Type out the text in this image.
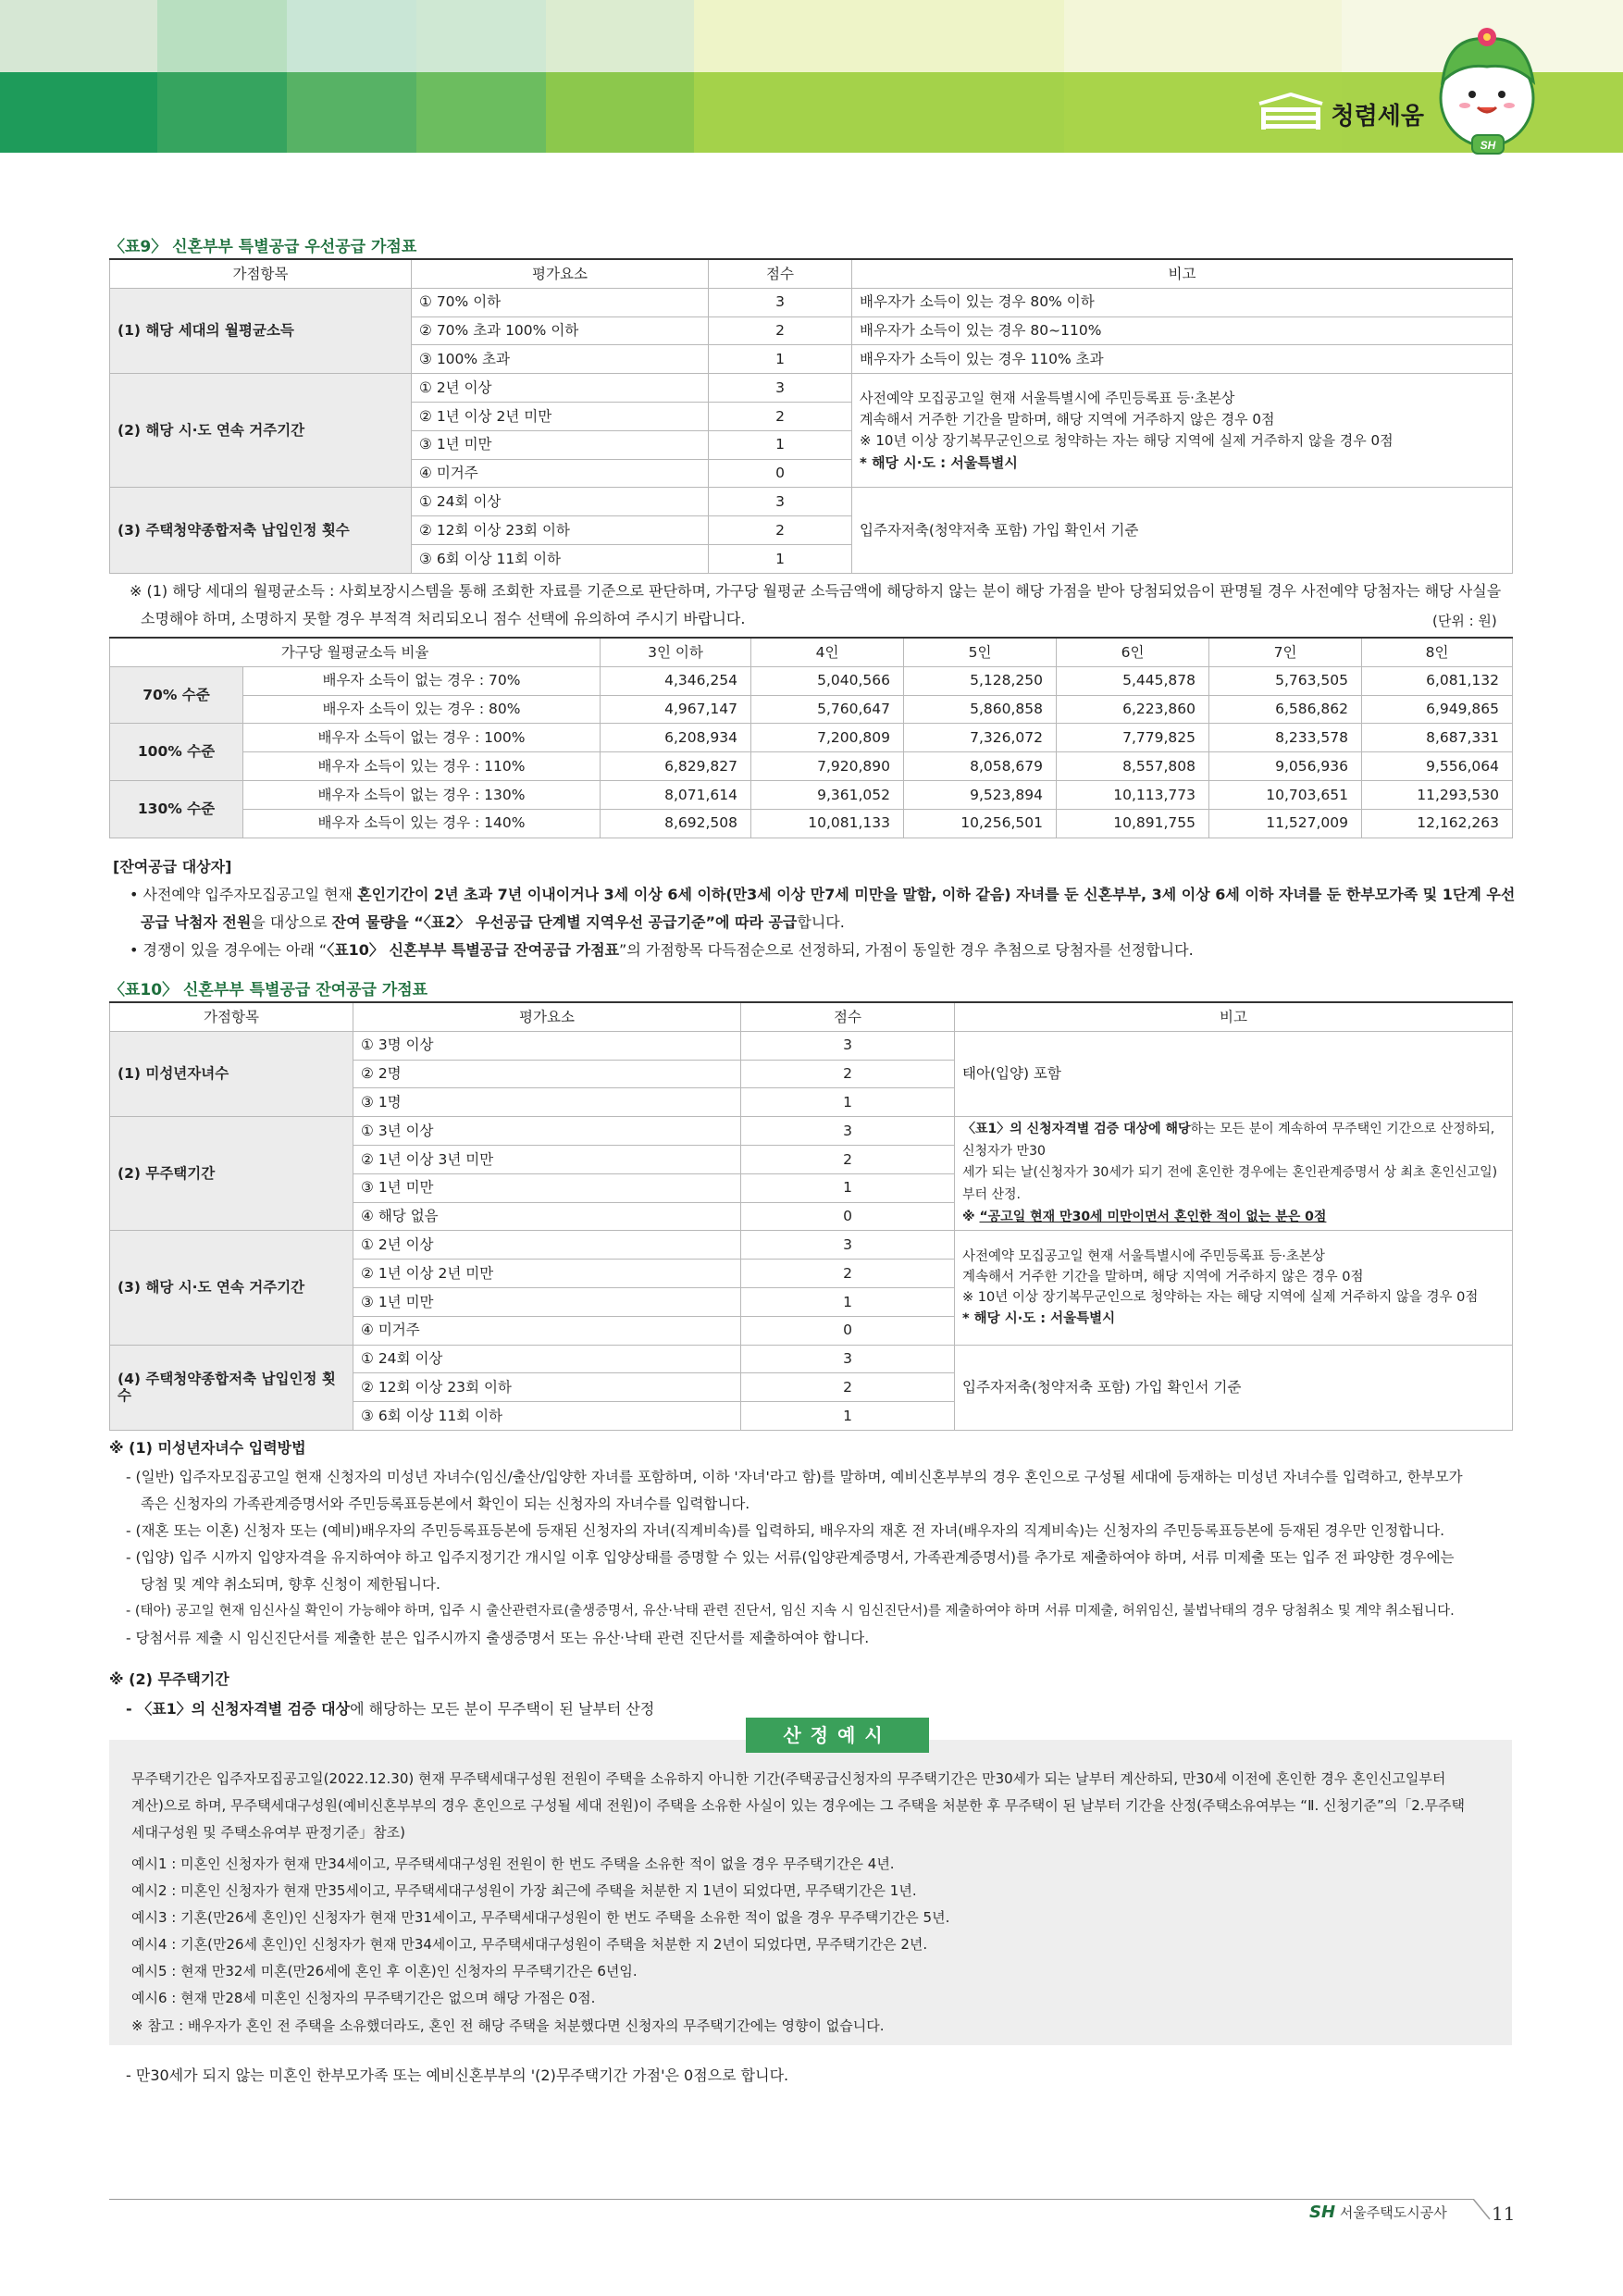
청렴세움
SH
〈표9〉 신혼부부 특별공급 우선공급 가점표
가점항목	평가요소	점수	비고
(1) 해당 세대의 월평균소득	① 70% 이하	3	배우자가 소득이 있는 경우 80% 이하
	② 70% 초과 100% 이하	2	배우자가 소득이 있는 경우 80~110%
	③ 100% 초과	1	배우자가 소득이 있는 경우 110% 초과
(2) 해당 시·도 연속 거주기간	① 2년 이상	3	사전예약 모집공고일 현재 서울특별시에 주민등록표 등·초본상
계속해서 거주한 기간을 말하며, 해당 지역에 거주하지 않은 경우 0점
※ 10년 이상 장기복무군인으로 청약하는 자는 해당 지역에 실제 거주하지 않을 경우 0점
* 해당 시·도 : 서울특별시

	② 1년 이상 2년 미만	2	
	③ 1년 미만	1	
	④ 미거주	0	
(3) 주택청약종합저축 납입인정 횟수	① 24회 이상	3	입주자저축(청약저축 포함) 가입 확인서 기준
	② 12회 이상 23회 이하	2	
	③ 6회 이상 11회 이하	1	
※ (1) 해당 세대의 월평균소득 : 사회보장시스템을 통해 조회한 자료를 기준으로 판단하며, 가구당 월평균 소득금액에 해당하지 않는 분이 해당 가점을 받아 당첨되었음이 판명될 경우 사전예약 당첨자는 해당 사실을
소명해야 하며, 소명하지 못할 경우 부적격 처리되오니 점수 선택에 유의하여 주시기 바랍니다.	(단위 : 원)
가구당 월평균소득 비율		3인 이하	4인	5인	6인	7인	8인
70% 수준	배우자 소득이 없는 경우 : 70%	4,346,254	5,040,566	5,128,250	5,445,878	5,763,505	6,081,132
	배우자 소득이 있는 경우 : 80%	4,967,147	5,760,647	5,860,858	6,223,860	6,586,862	6,949,865
100% 수준	배우자 소득이 없는 경우 : 100%	6,208,934	7,200,809	7,326,072	7,779,825	8,233,578	8,687,331
	배우자 소득이 있는 경우 : 110%	6,829,827	7,920,890	8,058,679	8,557,808	9,056,936	9,556,064
130% 수준	배우자 소득이 없는 경우 : 130%	8,071,614	9,361,052	9,523,894	10,113,773	10,703,651	11,293,530
	배우자 소득이 있는 경우 : 140%	8,692,508	10,081,133	10,256,501	10,891,755	11,527,009	12,162,263
[잔여공급 대상자]
• 사전예약 입주자모집공고일 현재 혼인기간이 2년 초과 7년 이내이거나 3세 이상 6세 이하(만3세 이상 만7세 미만을 말함, 이하 같음) 자녀를 둔 신혼부부, 3세 이상 6세 이하 자녀를 둔 한부모가족 및 1단계 우선
공급 낙첨자 전원을 대상으로 잔여 물량을 “〈표2〉 우선공급 단계별 지역우선 공급기준”에 따라 공급합니다.
• 경쟁이 있을 경우에는 아래 “〈표10〉 신혼부부 특별공급 잔여공급 가점표”의 가점항목 다득점순으로 선정하되, 가점이 동일한 경우 추첨으로 당첨자를 선정합니다.
〈표10〉 신혼부부 특별공급 잔여공급 가점표
가점항목	평가요소	점수	비고
(1) 미성년자녀수	① 3명 이상	3	태아(입양) 포함
	② 2명	2	
	③ 1명	1	
(2) 무주택기간	① 3년 이상	3	〈표1〉의 신청자격별 검증 대상에 해당하는 모든 분이 계속하여 무주택인 기간으로 산정하되, 신청자가 만30
세가 되는 날(신청자가 30세가 되기 전에 혼인한 경우에는 혼인관계증명서 상 최초 혼인신고일)부터 산정.
※ “공고일 현재 만30세 미만이면서 혼인한 적이 없는 분은 0점

	② 1년 이상 3년 미만	2	
	③ 1년 미만	1	
	④ 해당 없음	0	
(3) 해당 시·도 연속 거주기간	① 2년 이상	3	사전예약 모집공고일 현재 서울특별시에 주민등록표 등·초본상
계속해서 거주한 기간을 말하며, 해당 지역에 거주하지 않은 경우 0점
※ 10년 이상 장기복무군인으로 청약하는 자는 해당 지역에 실제 거주하지 않을 경우 0점
* 해당 시·도 : 서울특별시

	② 1년 이상 2년 미만	2	
	③ 1년 미만	1	
	④ 미거주	0	
(4) 주택청약종합저축 납입인정 횟수	① 24회 이상	3	입주자저축(청약저축 포함) 가입 확인서 기준
	② 12회 이상 23회 이하	2	
	③ 6회 이상 11회 이하	1	
※ (1) 미성년자녀수 입력방법
- (일반) 입주자모집공고일 현재 신청자의 미성년 자녀수(임신/출산/입양한 자녀를 포함하며, 이하 '자녀'라고 함)를 말하며, 예비신혼부부의 경우 혼인으로 구성될 세대에 등재하는 미성년 자녀수를 입력하고, 한부모가
족은 신청자의 가족관계증명서와 주민등록표등본에서 확인이 되는 신청자의 자녀수를 입력합니다.
- (재혼 또는 이혼) 신청자 또는 (예비)배우자의 주민등록표등본에 등재된 신청자의 자녀(직계비속)를 입력하되, 배우자의 재혼 전 자녀(배우자의 직계비속)는 신청자의 주민등록표등본에 등재된 경우만 인정합니다.
- (입양) 입주 시까지 입양자격을 유지하여야 하고 입주지정기간 개시일 이후 입양상태를 증명할 수 있는 서류(입양관계증명서, 가족관계증명서)를 추가로 제출하여야 하며, 서류 미제출 또는 입주 전 파양한 경우에는
당첨 및 계약 취소되며, 향후 신청이 제한됩니다.
- (태아) 공고일 현재 임신사실 확인이 가능해야 하며, 입주 시 출산관련자료(출생증명서, 유산·낙태 관련 진단서, 임신 지속 시 임신진단서)를 제출하여야 하며 서류 미제출, 허위임신, 불법낙태의 경우 당첨취소 및 계약 취소됩니다.
- 당첨서류 제출 시 임신진단서를 제출한 분은 입주시까지 출생증명서 또는 유산·낙태 관련 진단서를 제출하여야 합니다.
※ (2) 무주택기간
- 〈표1〉의 신청자격별 검증 대상에 해당하는 모든 분이 무주택이 된 날부터 산정
무주택기간은 입주자모집공고일(2022.12.30) 현재 무주택세대구성원 전원이 주택을 소유하지 아니한 기간(주택공급신청자의 무주택기간은 만30세가 되는 날부터 계산하되, 만30세 이전에 혼인한 경우 혼인신고일부터
계산)으로 하며, 무주택세대구성원(예비신혼부부의 경우 혼인으로 구성될 세대 전원)이 주택을 소유한 사실이 있는 경우에는 그 주택을 처분한 후 무주택이 된 날부터 기간을 산정(주택소유여부는 “Ⅱ. 신청기준”의「2.무주택
세대구성원 및 주택소유여부 판정기준」참조)
예시1 : 미혼인 신청자가 현재 만34세이고, 무주택세대구성원 전원이 한 번도 주택을 소유한 적이 없을 경우 무주택기간은 4년.
예시2 : 미혼인 신청자가 현재 만35세이고, 무주택세대구성원이 가장 최근에 주택을 처분한 지 1년이 되었다면, 무주택기간은 1년.
예시3 : 기혼(만26세 혼인)인 신청자가 현재 만31세이고, 무주택세대구성원이 한 번도 주택을 소유한 적이 없을 경우 무주택기간은 5년.
예시4 : 기혼(만26세 혼인)인 신청자가 현재 만34세이고, 무주택세대구성원이 주택을 처분한 지 2년이 되었다면, 무주택기간은 2년.
예시5 : 현재 만32세 미혼(만26세에 혼인 후 이혼)인 신청자의 무주택기간은 6년임.
예시6 : 현재 만28세 미혼인 신청자의 무주택기간은 없으며 해당 가점은 0점.
※ 참고 : 배우자가 혼인 전 주택을 소유했더라도, 혼인 전 해당 주택을 처분했다면 신청자의 무주택기간에는 영향이 없습니다.
산정예시
- 만30세가 되지 않는 미혼인 한부모가족 또는 예비신혼부부의 '(2)무주택기간 가점'은 0점으로 합니다.
SH 서울주택도시공사 11
